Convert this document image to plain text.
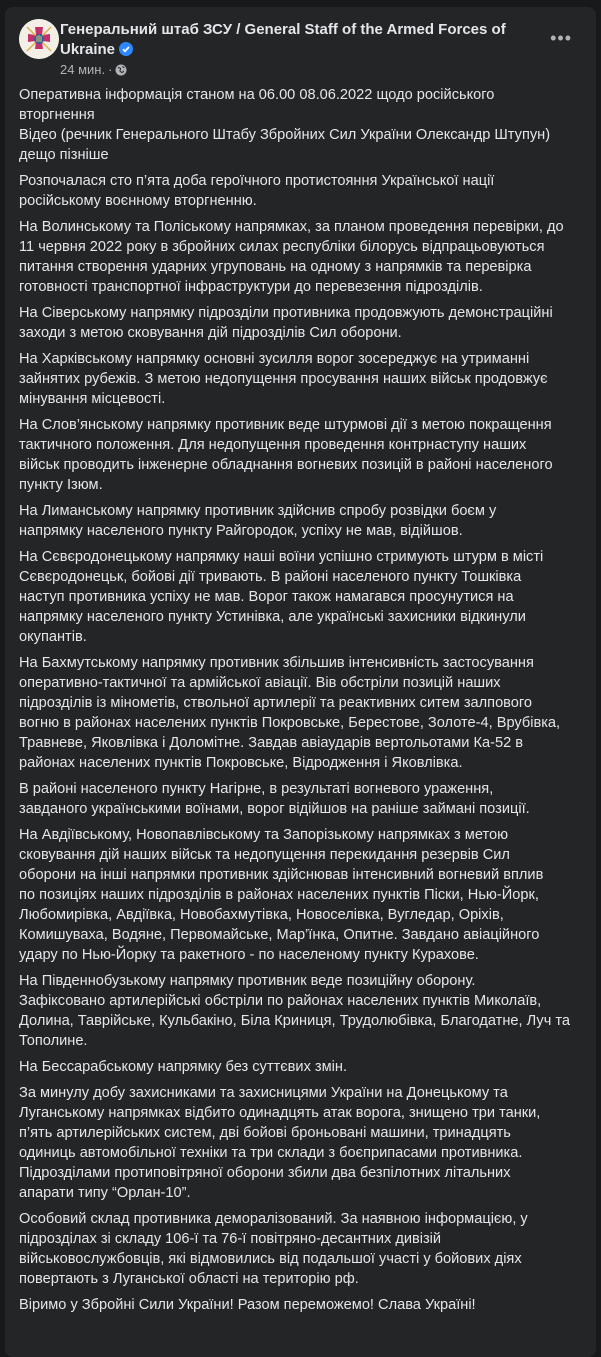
Генеральний штаб ЗСУ / General Staff of the Armed Forces of
Ukraine
•••
24 мин. ·
Оперативна інформація станом на 06.00 08.06.2022 щодо російського
вторгнення
Відео (речник Генерального Штабу Збройних Сил України Олександр Штупун)
дещо пізніше
Розпочалася сто п’ята доба героїчного протистояння Української нації
російському воєнному вторгненню.
На Волинському та Поліському напрямках, за планом проведення перевірки, до
11 червня 2022 року в збройних силах республіки білорусь відпрацьовуються
питання створення ударних угруповань на одному з напрямків та перевірка
готовності транспортної інфраструктури до перевезення підрозділів.
На Сіверському напрямку підрозділи противника продовжують демонстраційні
заходи з метою сковування дій підрозділів Сил оборони.
На Харківському напрямку основні зусилля ворог зосереджує на утриманні
зайнятих рубежів. З метою недопущення просування наших військ продовжує
мінування місцевості.
На Слов’янському напрямку противник веде штурмові дії з метою покращення
тактичного положення. Для недопущення проведення контрнаступу наших
військ проводить інженерне обладнання вогневих позицій в районі населеного
пункту Ізюм.
На Лиманському напрямку противник здійснив спробу розвідки боєм у
напрямку населеного пункту Райгородок, успіху не мав, відійшов.
На Сєвєродонецькому напрямку наші воїни успішно стримують штурм в місті
Сєвєродонецьк, бойові дії тривають. В районі населеного пункту Тошківка
наступ противника успіху не мав. Ворог також намагався просунутися на
напрямку населеного пункту Устинівка, але українські захисники відкинули
окупантів.
На Бахмутському напрямку противник збільшив інтенсивність застосування
оперативно-тактичної та армійської авіації. Вів обстріли позицій наших
підрозділів із мінометів, ствольної артилерії та реактивних ситем залпового
вогню в районах населених пунктів Покровське, Берестове, Золоте-4, Врубівка,
Травневе, Яковлівка і Доломітне. Завдав авіаударів вертольотами Ка-52 в
районах населених пунктів Покровське, Відродження і Яковлівка.
В районі населеного пункту Нагірне, в результаті вогневого ураження,
завданого українськими воїнами, ворог відійшов на раніше займані позиції.
На Авдіївському, Новопавлівському та Запорізькому напрямках з метою
сковування дій наших військ та недопущення перекидання резервів Сил
оборони на інші напрямки противник здійснював інтенсивний вогневий вплив
по позиціях наших підрозділів в районах населених пунктів Піски, Нью-Йорк,
Любомирівка, Авдіївка, Новобахмутівка, Новоселівка, Вугледар, Оріхів,
Комишуваха, Водяне, Первомайське, Мар’їнка, Опитне. Завдано авіаційного
удару по Нью-Йорку та ракетного - по населеному пункту Курахове.
На Південнобузькому напрямку противник веде позиційну оборону.
Зафіксовано артилерійські обстріли по районах населених пунктів Миколаїв,
Долина, Таврійське, Кульбакіно, Біла Криниця, Трудолюбівка, Благодатне, Луч та
Тополине.
На Бессарабському напрямку без суттєвих змін.
За минулу добу захисниками та захисницями України на Донецькому та
Луганському напрямках відбито одинадцять атак ворога, знищено три танки,
п’ять артилерійських систем, дві бойові броньовані машини, тринадцять
одиниць автомобільної техніки та три склади з боєприпасами противника.
Підрозділами протиповітряної оборони збили два безпілотних літальних
апарати типу “Орлан-10”.
Особовий склад противника деморалізований. За наявною інформацією, у
підрозділах зі складу 106-ї та 76-ї повітряно-десантних дивізій
військовослужбовців, які відмовились від подальшої участі у бойових діях
повертають з Луганської області на територію рф.
Віримо у Збройні Сили України! Разом переможемо! Слава Україні!
